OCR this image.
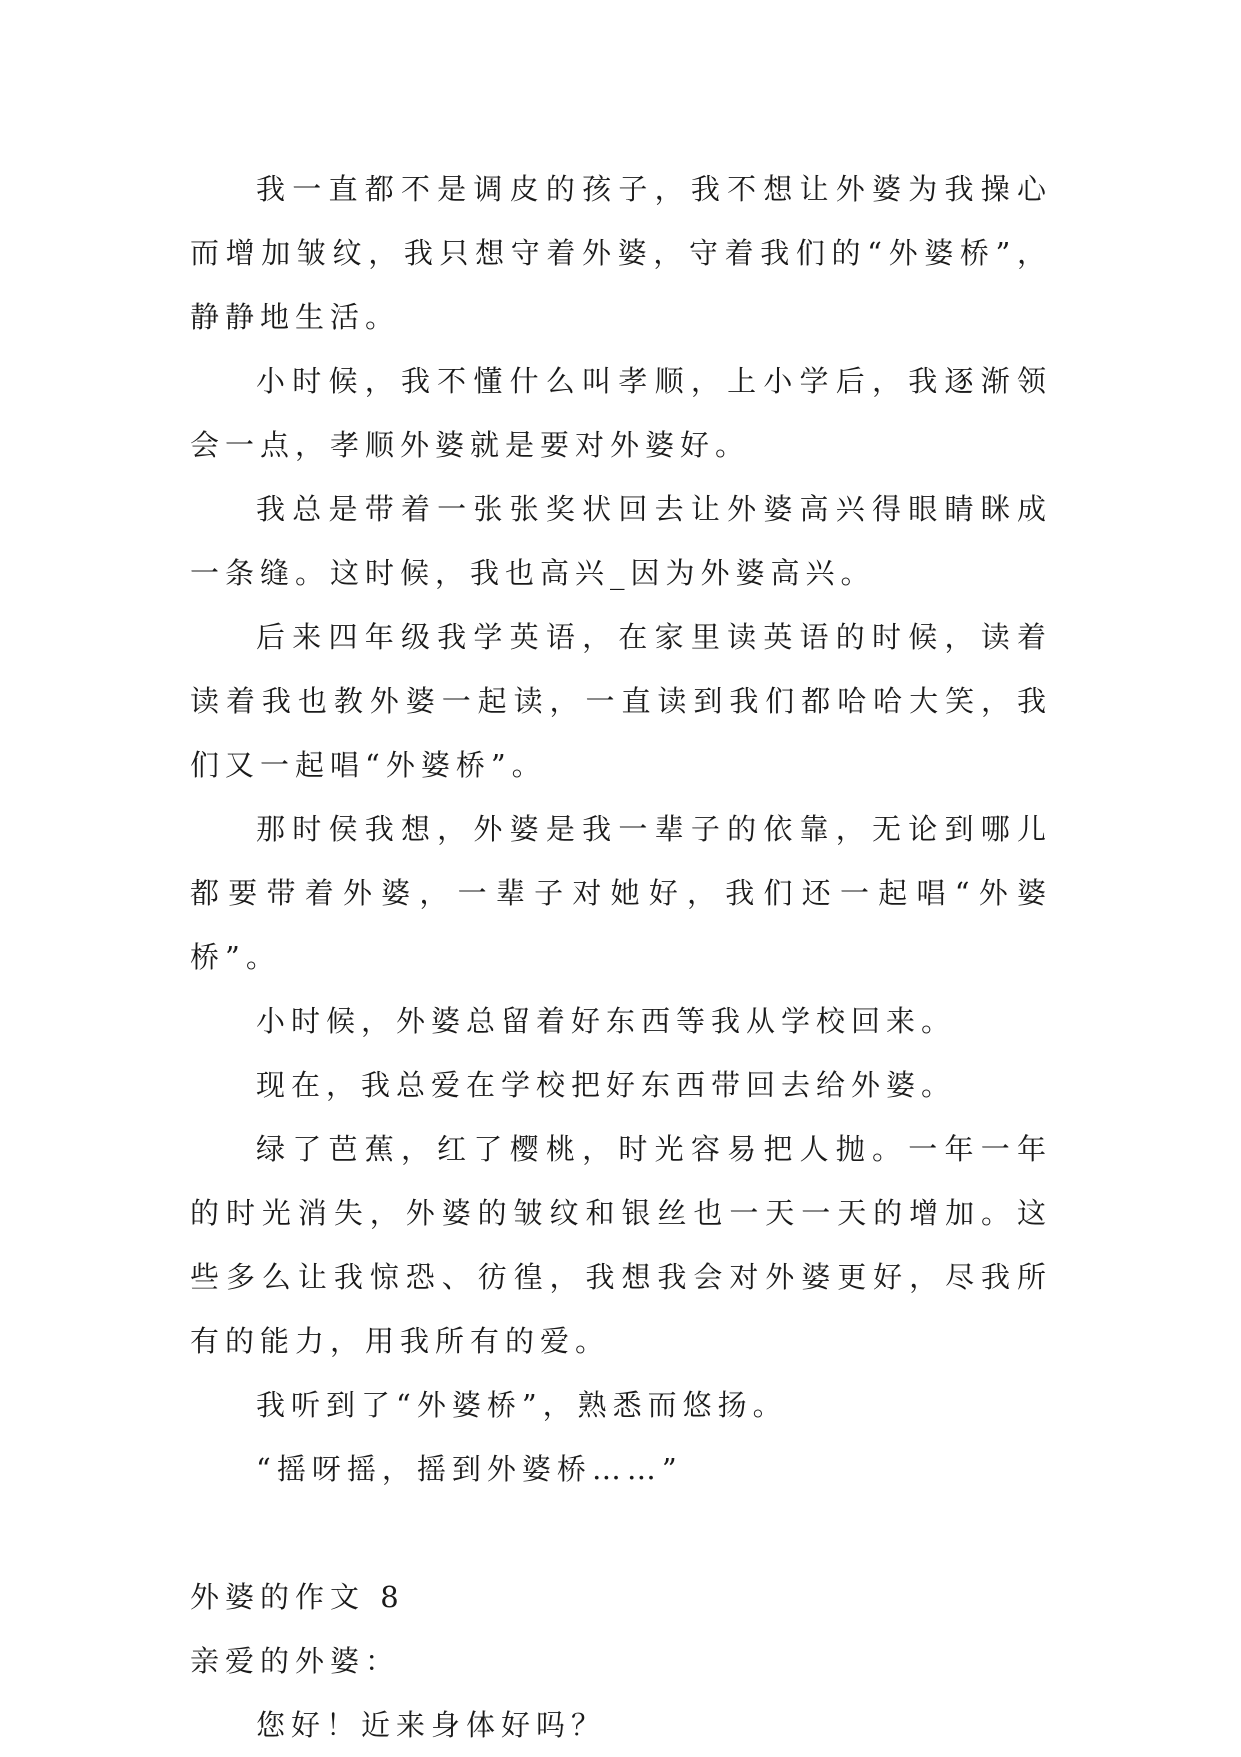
我一直都不是调皮的孩子，我不想让外婆为我操心而增加皱纹，我只想守着外婆，守着我们的“外婆桥”，静静地生活。

小时候，我不懂什么叫孝顺，上小学后，我逐渐领会一点，孝顺外婆就是要对外婆好。

我总是带着一张张奖状回去让外婆高兴得眼睛眯成一条缝。这时候，我也高兴_因为外婆高兴。

后来四年级我学英语，在家里读英语的时候，读着读着我也教外婆一起读，一直读到我们都哈哈大笑，我们又一起唱“外婆桥”。

那时侯我想，外婆是我一辈子的依靠，无论到哪儿都要带着外婆，一辈子对她好，我们还一起唱“外婆桥”。

小时候，外婆总留着好东西等我从学校回来。

现在，我总爱在学校把好东西带回去给外婆。

绿了芭蕉，红了樱桃，时光容易把人抛。一年一年的时光消失，外婆的皱纹和银丝也一天一天的增加。这些多么让我惊恐、彷徨，我想我会对外婆更好，尽我所有的能力，用我所有的爱。

我听到了“外婆桥”，熟悉而悠扬。

“摇呀摇，摇到外婆桥……”

外婆的作文 8

亲爱的外婆：

您好！近来身体好吗？
